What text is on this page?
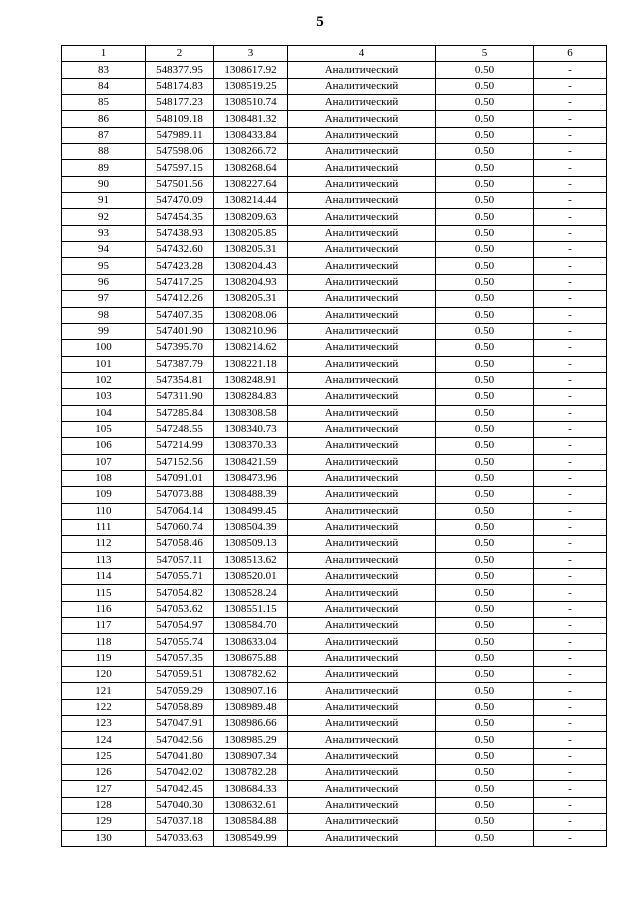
5
1	2	3	4	5	6
83	548377.95	1308617.92	Аналитический	0.50	-
84	548174.83	1308519.25	Аналитический	0.50	-
85	548177.23	1308510.74	Аналитический	0.50	-
86	548109.18	1308481.32	Аналитический	0.50	-
87	547989.11	1308433.84	Аналитический	0.50	-
88	547598.06	1308266.72	Аналитический	0.50	-
89	547597.15	1308268.64	Аналитический	0.50	-
90	547501.56	1308227.64	Аналитический	0.50	-
91	547470.09	1308214.44	Аналитический	0.50	-
92	547454.35	1308209.63	Аналитический	0.50	-
93	547438.93	1308205.85	Аналитический	0.50	-
94	547432.60	1308205.31	Аналитический	0.50	-
95	547423.28	1308204.43	Аналитический	0.50	-
96	547417.25	1308204.93	Аналитический	0.50	-
97	547412.26	1308205.31	Аналитический	0.50	-
98	547407.35	1308208.06	Аналитический	0.50	-
99	547401.90	1308210.96	Аналитический	0.50	-
100	547395.70	1308214.62	Аналитический	0.50	-
101	547387.79	1308221.18	Аналитический	0.50	-
102	547354.81	1308248.91	Аналитический	0.50	-
103	547311.90	1308284.83	Аналитический	0.50	-
104	547285.84	1308308.58	Аналитический	0.50	-
105	547248.55	1308340.73	Аналитический	0.50	-
106	547214.99	1308370.33	Аналитический	0.50	-
107	547152.56	1308421.59	Аналитический	0.50	-
108	547091.01	1308473.96	Аналитический	0.50	-
109	547073.88	1308488.39	Аналитический	0.50	-
110	547064.14	1308499.45	Аналитический	0.50	-
111	547060.74	1308504.39	Аналитический	0.50	-
112	547058.46	1308509.13	Аналитический	0.50	-
113	547057.11	1308513.62	Аналитический	0.50	-
114	547055.71	1308520.01	Аналитический	0.50	-
115	547054.82	1308528.24	Аналитический	0.50	-
116	547053.62	1308551.15	Аналитический	0.50	-
117	547054.97	1308584.70	Аналитический	0.50	-
118	547055.74	1308633.04	Аналитический	0.50	-
119	547057.35	1308675.88	Аналитический	0.50	-
120	547059.51	1308782.62	Аналитический	0.50	-
121	547059.29	1308907.16	Аналитический	0.50	-
122	547058.89	1308989.48	Аналитический	0.50	-
123	547047.91	1308986.66	Аналитический	0.50	-
124	547042.56	1308985.29	Аналитический	0.50	-
125	547041.80	1308907.34	Аналитический	0.50	-
126	547042.02	1308782.28	Аналитический	0.50	-
127	547042.45	1308684.33	Аналитический	0.50	-
128	547040.30	1308632.61	Аналитический	0.50	-
129	547037.18	1308584.88	Аналитический	0.50	-
130	547033.63	1308549.99	Аналитический	0.50	-
